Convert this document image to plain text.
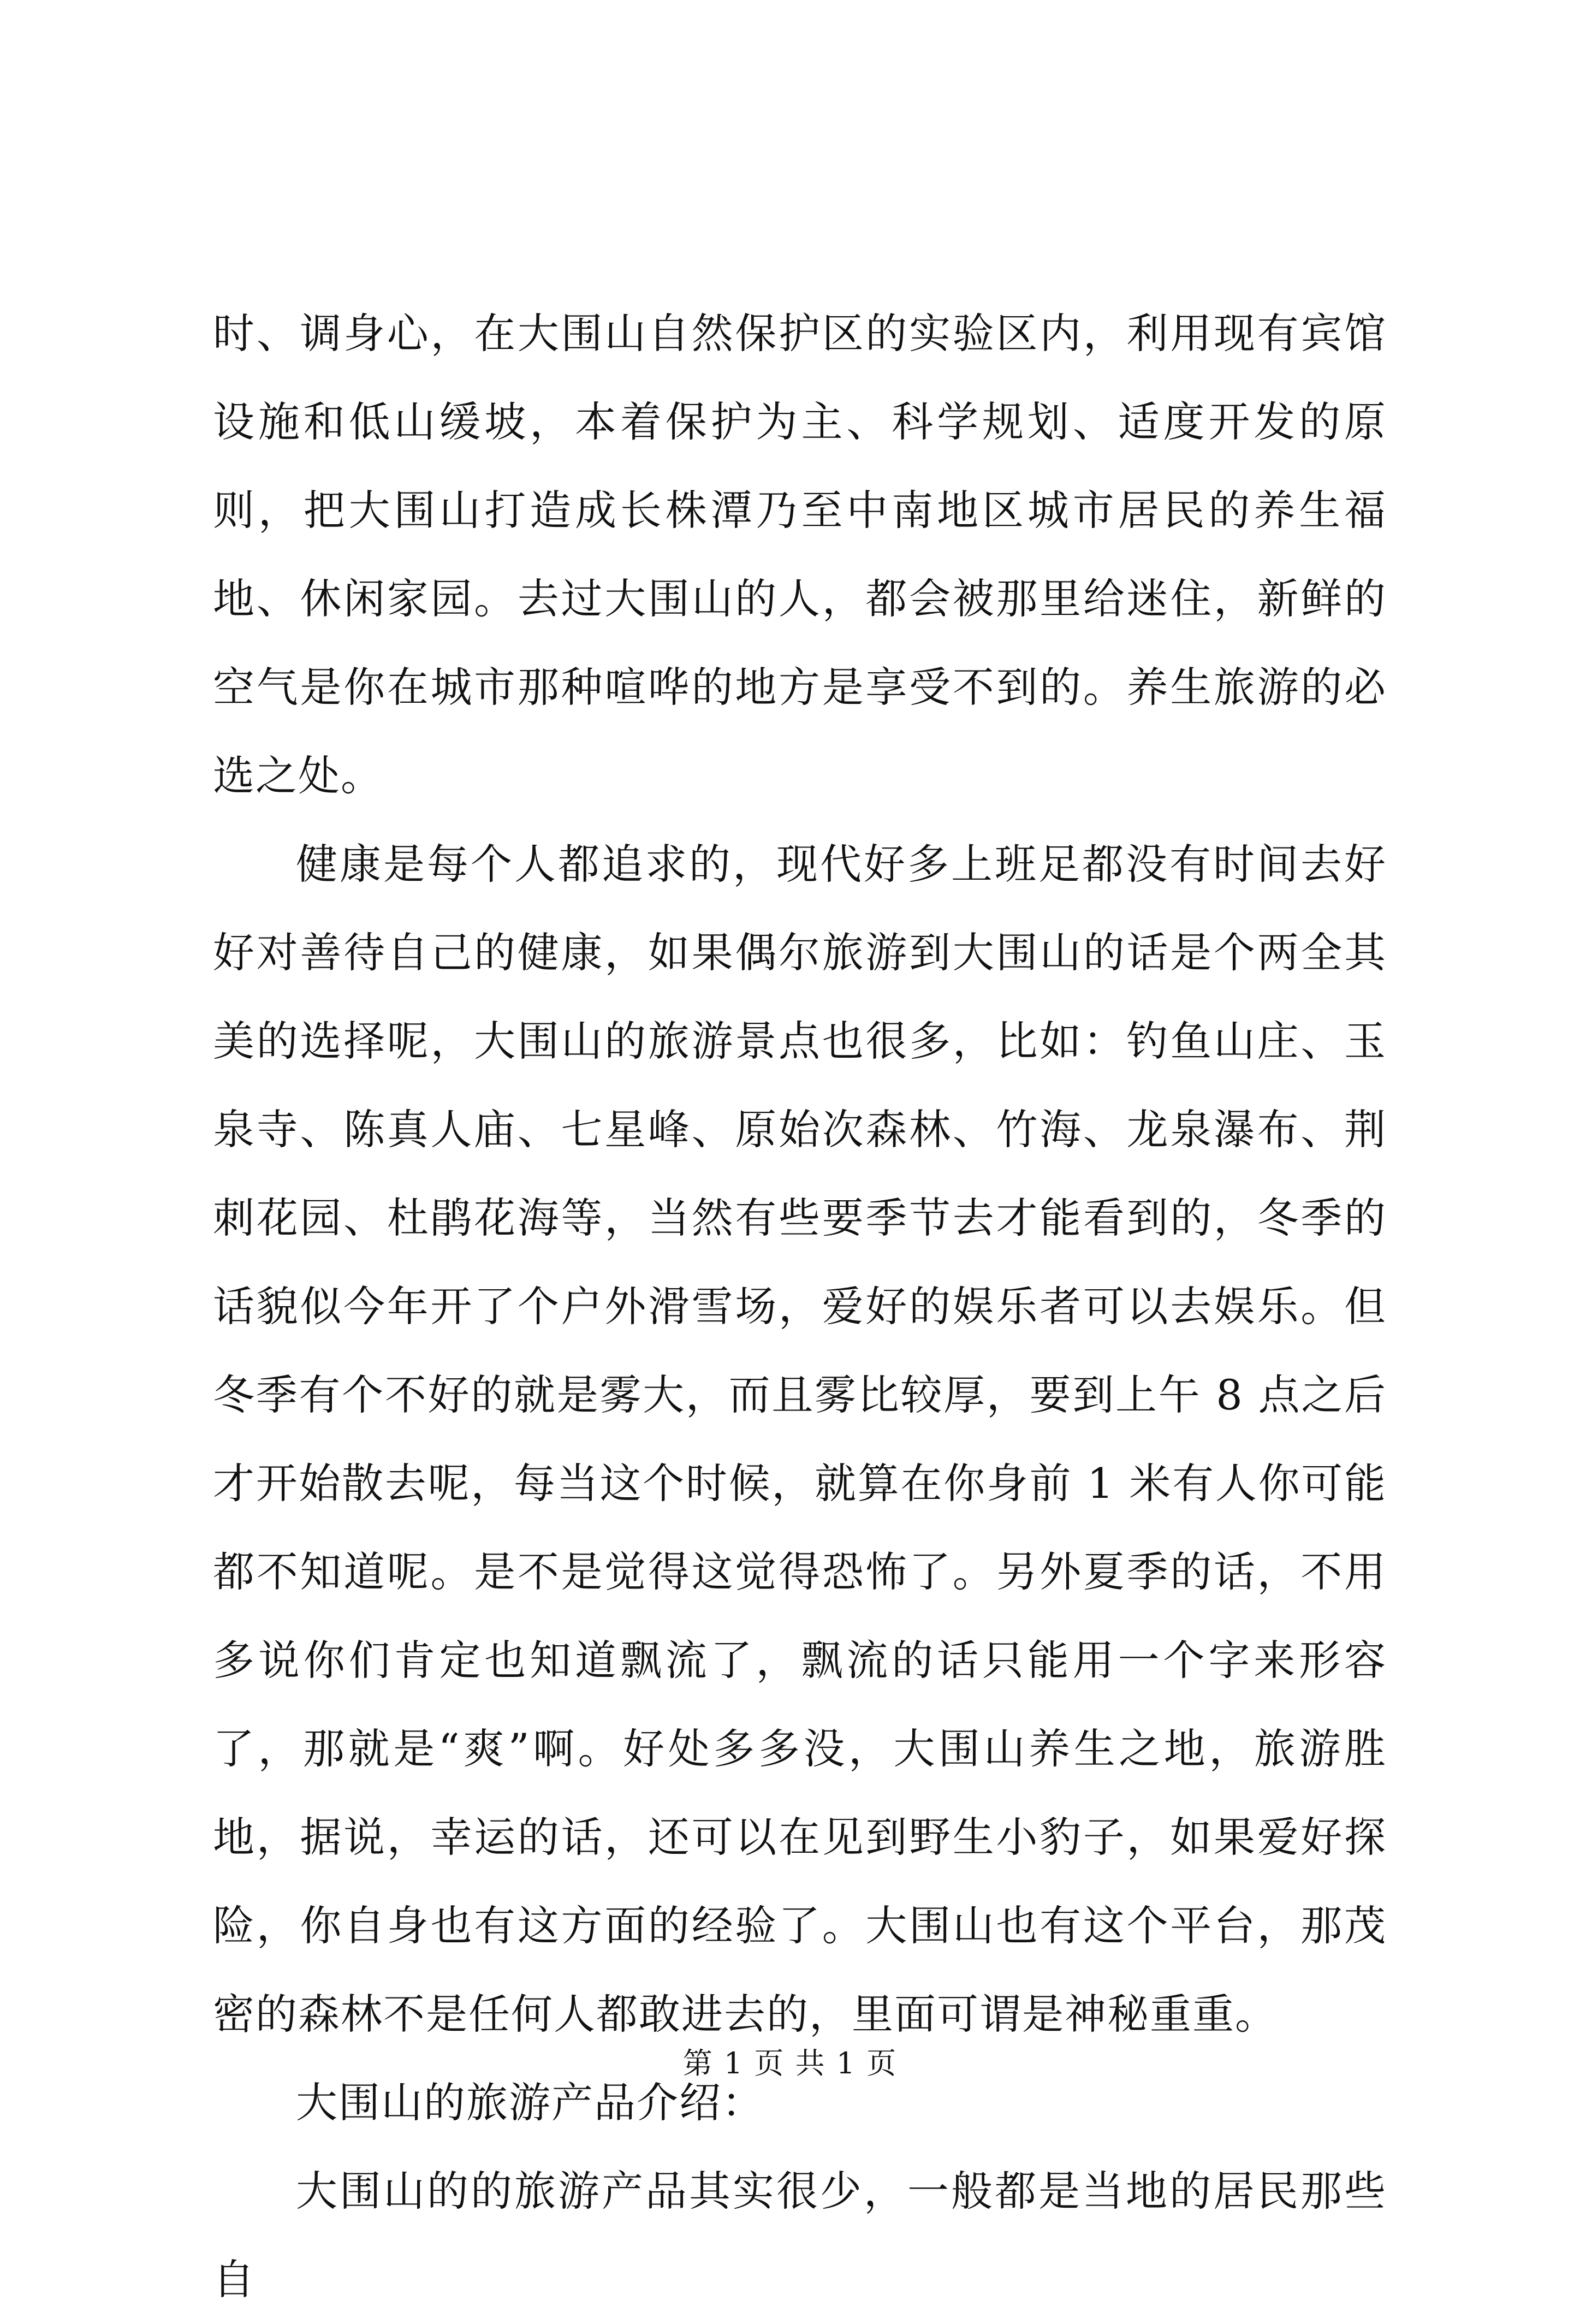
时、调身心，在大围山自然保护区的实验区内，利用现有宾馆设施和低山缓坡，本着保护为主、科学规划、适度开发的原则，把大围山打造成长株潭乃至中南地区城市居民的养生福地、休闲家园。去过大围山的人，都会被那里给迷住，新鲜的空气是你在城市那种喧哗的地方是享受不到的。养生旅游的必选之处。

健康是每个人都追求的，现代好多上班足都没有时间去好好对善待自己的健康，如果偶尔旅游到大围山的话是个两全其美的选择呢，大围山的旅游景点也很多，比如：钓鱼山庄、玉泉寺、陈真人庙、七星峰、原始次森林、竹海、龙泉瀑布、荆刺花园、杜鹃花海等，当然有些要季节去才能看到的，冬季的话貌似今年开了个户外滑雪场，爱好的娱乐者可以去娱乐。但冬季有个不好的就是雾大，而且雾比较厚，要到上午 8 点之后才开始散去呢，每当这个时候，就算在你身前 1 米有人你可能都不知道呢。是不是觉得这觉得恐怖了。另外夏季的话，不用多说你们肯定也知道飘流了，飘流的话只能用一个字来形容了，那就是“爽”啊。好处多多没，大围山养生之地，旅游胜地，据说，幸运的话，还可以在见到野生小豹子，如果爱好探险，你自身也有这方面的经验了。大围山也有这个平台，那茂密的森林不是任何人都敢进去的，里面可谓是神秘重重。

大围山的旅游产品介绍：

大围山的的旅游产品其实很少，一般都是当地的居民那些自

第 1 页 共 1 页
